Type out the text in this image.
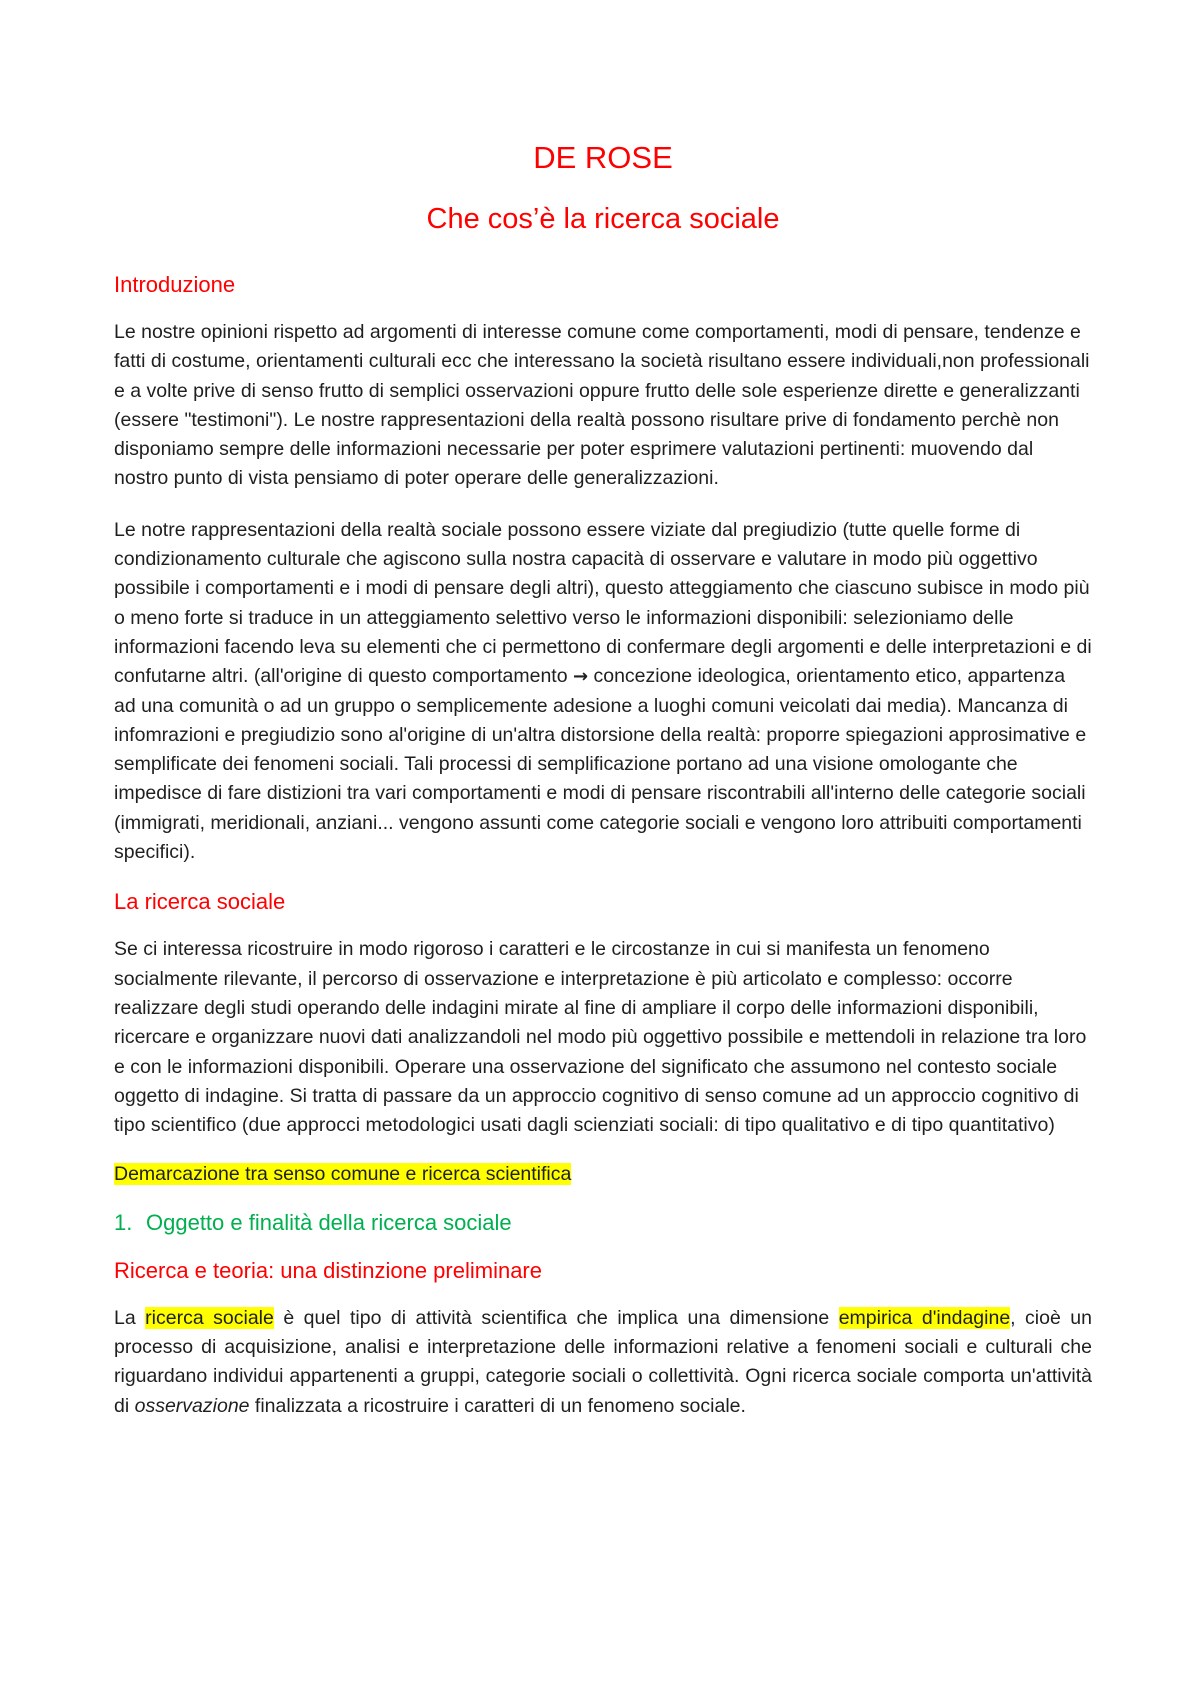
DE ROSE
Che cos’è la ricerca sociale
Introduzione

Le nostre opinioni rispetto ad argomenti di interesse comune come comportamenti, modi di pensare, tendenze e fatti di costume, orientamenti culturali ecc che interessano la società risultano essere individuali,non professionali e a volte prive di senso frutto di semplici osservazioni oppure frutto delle sole esperienze dirette e generalizzanti (essere "testimoni"). Le nostre rappresentazioni della realtà possono risultare prive di fondamento perchè non disponiamo sempre delle informazioni necessarie per poter esprimere valutazioni pertinenti: muovendo dal nostro punto di vista pensiamo di poter operare delle generalizzazioni.

Le notre rappresentazioni della realtà sociale possono essere viziate dal pregiudizio (tutte quelle forme di condizionamento culturale che agiscono sulla nostra capacità di osservare e valutare in modo più oggettivo possibile i comportamenti e i modi di pensare degli altri), questo atteggiamento che ciascuno subisce in modo più o meno forte si traduce in un atteggiamento selettivo verso le informazioni disponibili: selezioniamo delle informazioni facendo leva su elementi che ci permettono di confermare degli argomenti e delle interpretazioni e di confutarne altri. (all'origine di questo comportamento → concezione ideologica, orientamento etico, appartenza ad una comunità o ad un gruppo o semplicemente adesione a luoghi comuni veicolati dai media). Mancanza di infomrazioni e pregiudizio sono al'origine di un'altra distorsione della realtà: proporre spiegazioni approsimative e semplificate dei fenomeni sociali. Tali processi di semplificazione portano ad una visione omologante che impedisce di fare distizioni tra vari comportamenti e modi di pensare riscontrabili all'interno delle categorie sociali (immigrati, meridionali, anziani... vengono assunti come categorie sociali e vengono loro attribuiti comportamenti specifici).

La ricerca sociale

Se ci interessa ricostruire in modo rigoroso i caratteri e le circostanze in cui si manifesta un fenomeno socialmente rilevante, il percorso di osservazione e interpretazione è più articolato e complesso: occorre realizzare degli studi operando delle indagini mirate al fine di ampliare il corpo delle informazioni disponibili, ricercare e organizzare nuovi dati analizzandoli nel modo più oggettivo possibile e mettendoli in relazione tra loro e con le informazioni disponibili. Operare una osservazione del significato che assumono nel contesto sociale oggetto di indagine. Si tratta di passare da un approccio cognitivo di senso comune ad un approccio cognitivo di tipo scientifico (due approcci metodologici usati dagli scienziati sociali: di tipo qualitativo e di tipo quantitativo)

Demarcazione tra senso comune e ricerca scientifica

1. Oggetto e finalità della ricerca sociale
Ricerca e teoria: una distinzione preliminare

La ricerca sociale è quel tipo di attività scientifica che implica una dimensione empirica d'indagine, cioè un processo di acquisizione, analisi e interpretazione delle informazioni relative a fenomeni sociali e culturali che riguardano individui appartenenti a gruppi, categorie sociali o collettività. Ogni ricerca sociale comporta un'attività di osservazione finalizzata a ricostruire i caratteri di un fenomeno sociale.
